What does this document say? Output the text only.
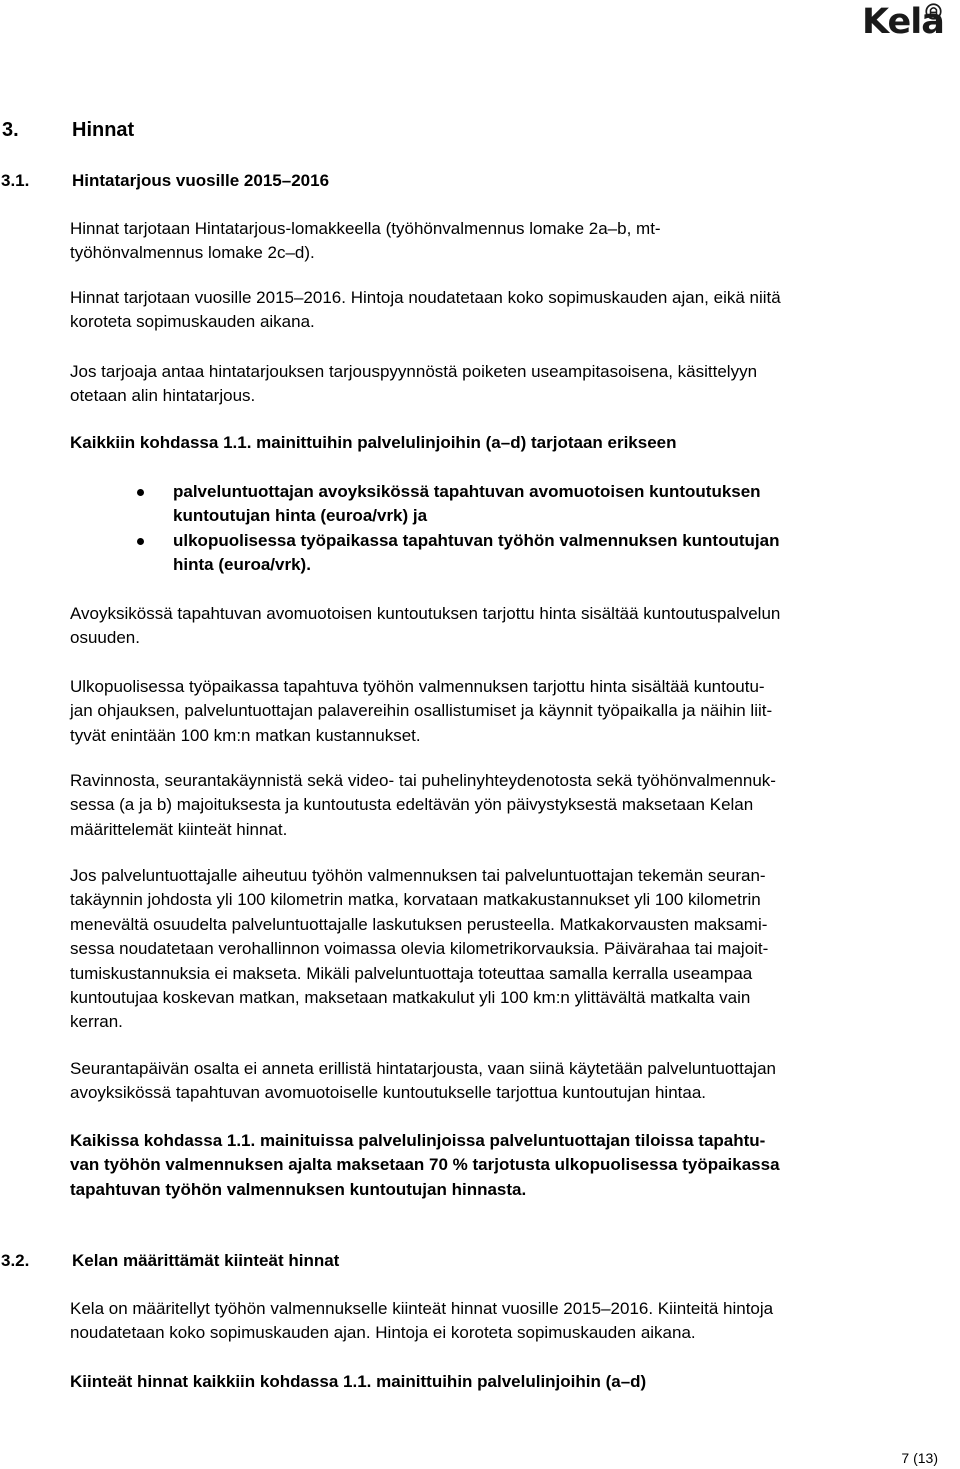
Kela
3.	Hinnat
3.1.	Hintatarjous vuosille 2015–2016
Hinnat tarjotaan Hintatarjous-lomakkeella (työhönvalmennus lomake 2a–b, mt-
työhönvalmennus lomake 2c–d).
Hinnat tarjotaan vuosille 2015–2016. Hintoja noudatetaan koko sopimuskauden ajan, eikä niitä
koroteta sopimuskauden aikana.
Jos tarjoaja antaa hintatarjouksen tarjouspyynnöstä poiketen useampitasoisena, käsittelyyn
otetaan alin hintatarjous.
Kaikkiin kohdassa 1.1. mainittuihin palvelulinjoihin (a–d) tarjotaan erikseen
palveluntuottajan avoyksikössä tapahtuvan avomuotoisen kuntoutuksen
kuntoutujan hinta (euroa/vrk) ja
ulkopuolisessa työpaikassa tapahtuvan työhön valmennuksen kuntoutujan
hinta (euroa/vrk).
Avoyksikössä tapahtuvan avomuotoisen kuntoutuksen tarjottu hinta sisältää kuntoutuspalvelun
osuuden.
Ulkopuolisessa työpaikassa tapahtuva työhön valmennuksen tarjottu hinta sisältää kuntoutu-
jan ohjauksen, palveluntuottajan palavereihin osallistumiset ja käynnit työpaikalla ja näihin liit-
tyvät enintään 100 km:n matkan kustannukset.
Ravinnosta, seurantakäynnistä sekä video- tai puhelinyhteydenotosta sekä työhönvalmennuk-
sessa (a ja b) majoituksesta ja kuntoutusta edeltävän yön päivystyksestä maksetaan Kelan
määrittelemät kiinteät hinnat.
Jos palveluntuottajalle aiheutuu työhön valmennuksen tai palveluntuottajan tekemän seuran-
takäynnin johdosta yli 100 kilometrin matka, korvataan matkakustannukset yli 100 kilometrin
menevältä osuudelta palveluntuottajalle laskutuksen perusteella. Matkakorvausten maksami-
sessa noudatetaan verohallinnon voimassa olevia kilometrikorvauksia. Päivärahaa tai majoit-
tumiskustannuksia ei makseta. Mikäli palveluntuottaja toteuttaa samalla kerralla useampaa
kuntoutujaa koskevan matkan, maksetaan matkakulut yli 100 km:n ylittävältä matkalta vain
kerran.
Seurantapäivän osalta ei anneta erillistä hintatarjousta, vaan siinä käytetään palveluntuottajan
avoyksikössä tapahtuvan avomuotoiselle kuntoutukselle tarjottua kuntoutujan hintaa.
Kaikissa kohdassa 1.1. mainituissa palvelulinjoissa palveluntuottajan tiloissa tapahtu-
van työhön valmennuksen ajalta maksetaan 70 % tarjotusta ulkopuolisessa työpaikassa
tapahtuvan työhön valmennuksen kuntoutujan hinnasta.
3.2.	Kelan määrittämät kiinteät hinnat
Kela on määritellyt työhön valmennukselle kiinteät hinnat vuosille 2015–2016. Kiinteitä hintoja
noudatetaan koko sopimuskauden ajan. Hintoja ei koroteta sopimuskauden aikana.
Kiinteät hinnat kaikkiin kohdassa 1.1. mainittuihin palvelulinjoihin (a–d)
7 (13)
